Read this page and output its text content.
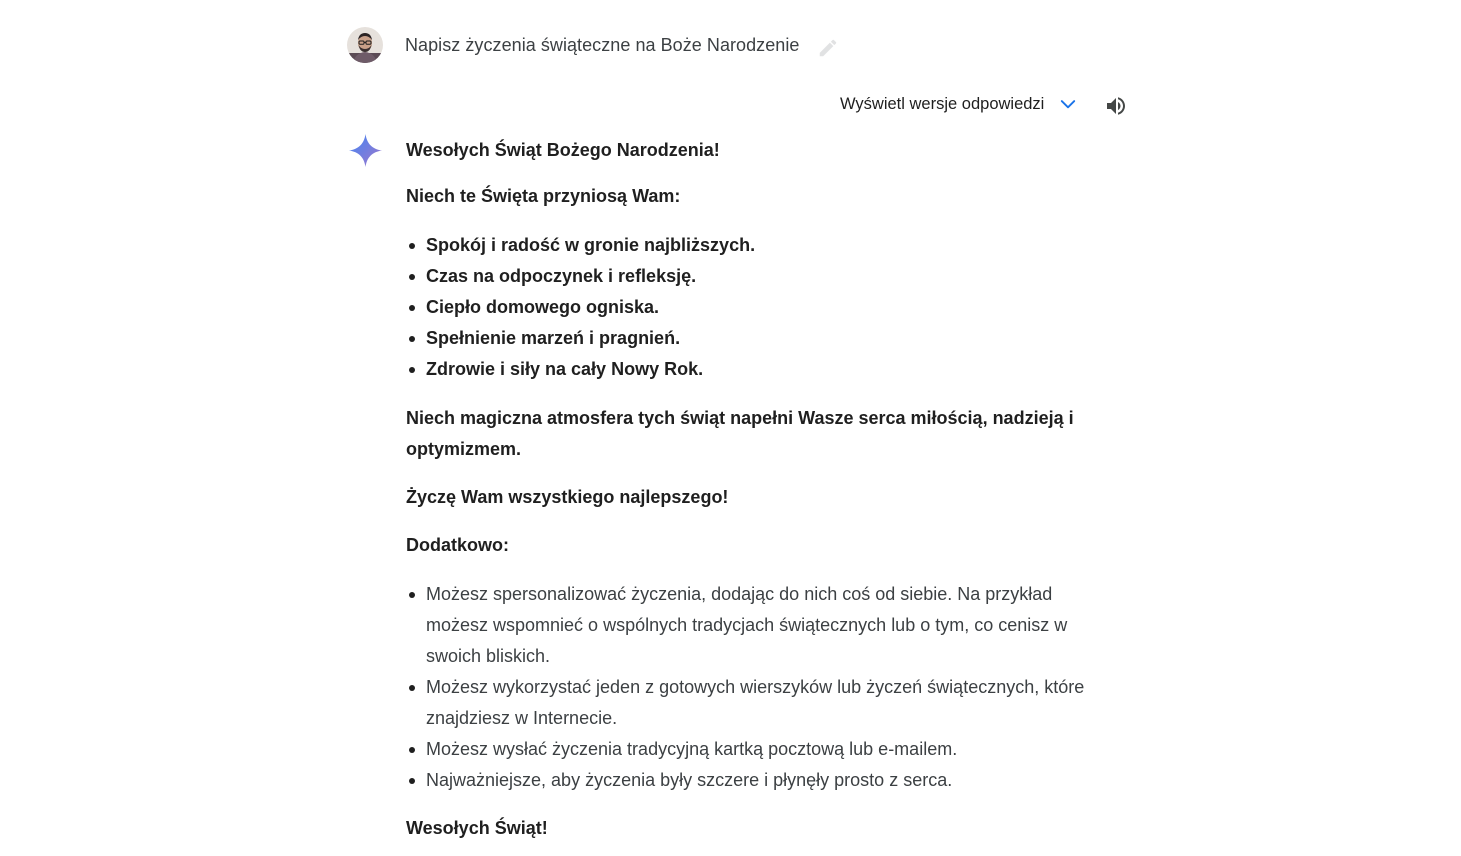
Napisz życzenia świąteczne na Boże Narodzenie
Wyświetl wersje odpowiedzi

Wesołych Świąt Bożego Narodzenia!

Niech te Święta przyniosą Wam:

Spokój i radość w gronie najbliższych.
Czas na odpoczynek i refleksję.
Ciepło domowego ogniska.
Spełnienie marzeń i pragnień.
Zdrowie i siły na cały Nowy Rok.

Niech magiczna atmosfera tych świąt napełni Wasze serca miłością, nadzieją i optymizmem.

Życzę Wam wszystkiego najlepszego!

Dodatkowo:

Możesz spersonalizować życzenia, dodając do nich coś od siebie. Na przykład możesz wspomnieć o wspólnych tradycjach świątecznych lub o tym, co cenisz w swoich bliskich.
Możesz wykorzystać jeden z gotowych wierszyków lub życzeń świątecznych, które znajdziesz w Internecie.
Możesz wysłać życzenia tradycyjną kartką pocztową lub e-mailem.
Najważniejsze, aby życzenia były szczere i płynęły prosto z serca.

Wesołych Świąt!
